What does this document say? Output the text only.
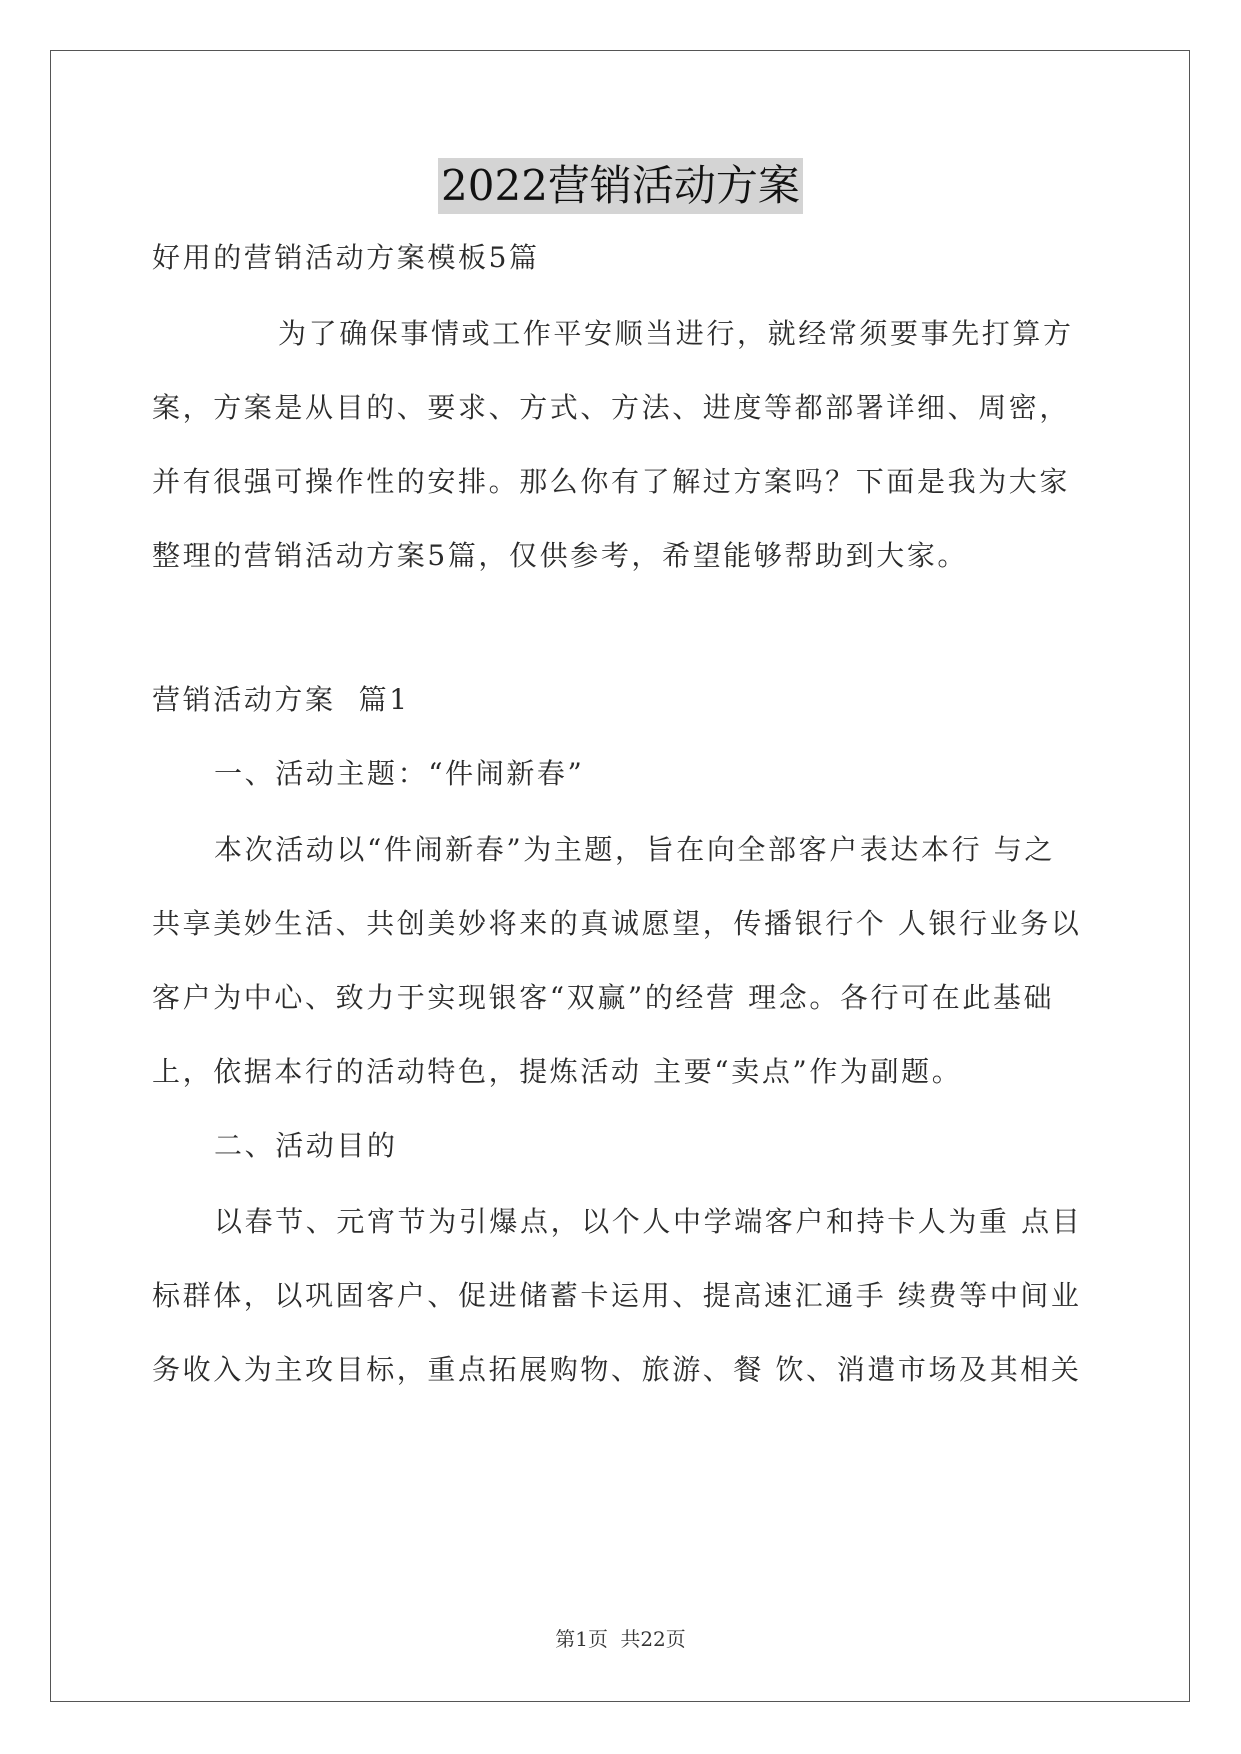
2022营销活动方案
好用的营销活动方案模板5篇
为了确保事情或工作平安顺当进行，就经常须要事先打算方
案，方案是从目的、要求、方式、方法、进度等都部署详细、周密，
并有很强可操作性的安排。那么你有了解过方案吗？下面是我为大家
整理的营销活动方案5篇，仅供参考，希望能够帮助到大家。
营销活动方案  篇1
一、活动主题：“件闹新春”
本次活动以“件闹新春”为主题，旨在向全部客户表达本行 与之
共享美妙生活、共创美妙将来的真诚愿望，传播银行个 人银行业务以
客户为中心、致力于实现银客“双赢”的经营 理念。各行可在此基础
上，依据本行的活动特色，提炼活动 主要“卖点”作为副题。
二、活动目的
以春节、元宵节为引爆点，以个人中学端客户和持卡人为重 点目
标群体，以巩固客户、促进储蓄卡运用、提高速汇通手 续费等中间业
务收入为主攻目标，重点拓展购物、旅游、餐 饮、消遣市场及其相关
第1页 共22页
